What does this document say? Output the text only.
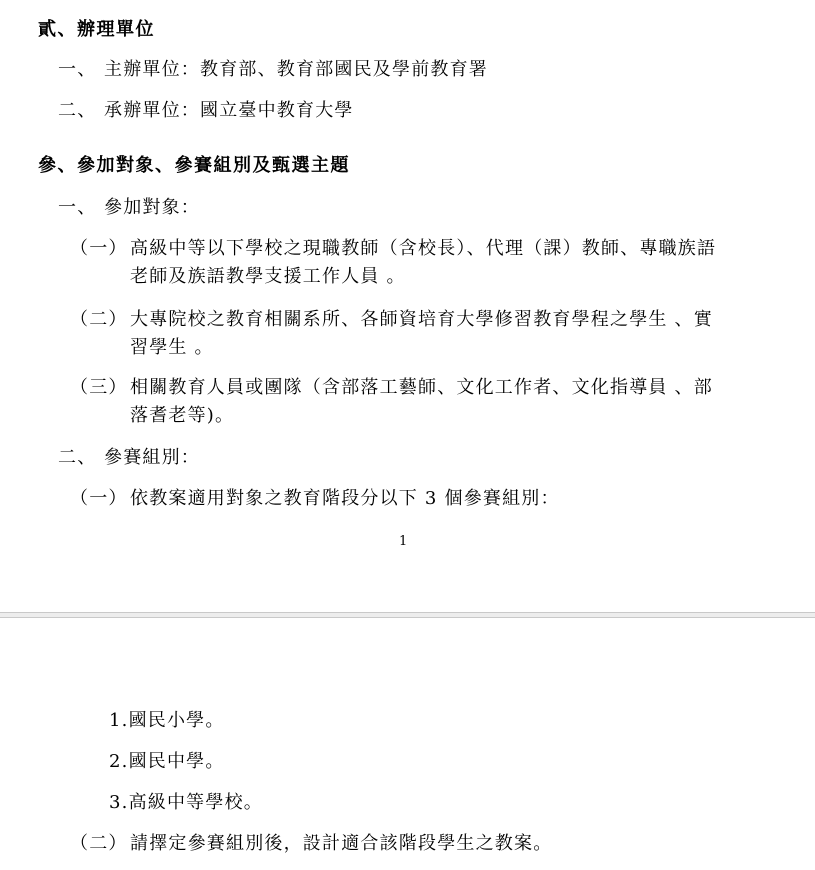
貳、辦理單位
一、 主辦單位：教育部、教育部國民及學前教育署
二、 承辦單位：國立臺中教育大學
參、參加對象、參賽組別及甄選主題
一、 參加對象：
（一） 高級中等以下學校之現職教師（含校長）、代理（課）教師、專職族語
老師及族語教學支援工作人員 。
（二） 大專院校之教育相關系所、各師資培育大學修習教育學程之學生 、實
習學生 。
（三） 相關教育人員或團隊（含部落工藝師、文化工作者、文化指導員 、部
落耆老等)。
二、 參賽組別：
（一） 依教案適用對象之教育階段分以下 3 個參賽組別：
1
1.國民小學。
2.國民中學。
3.高級中等學校。
（二） 請擇定參賽組別後，設計適合該階段學生之教案。
